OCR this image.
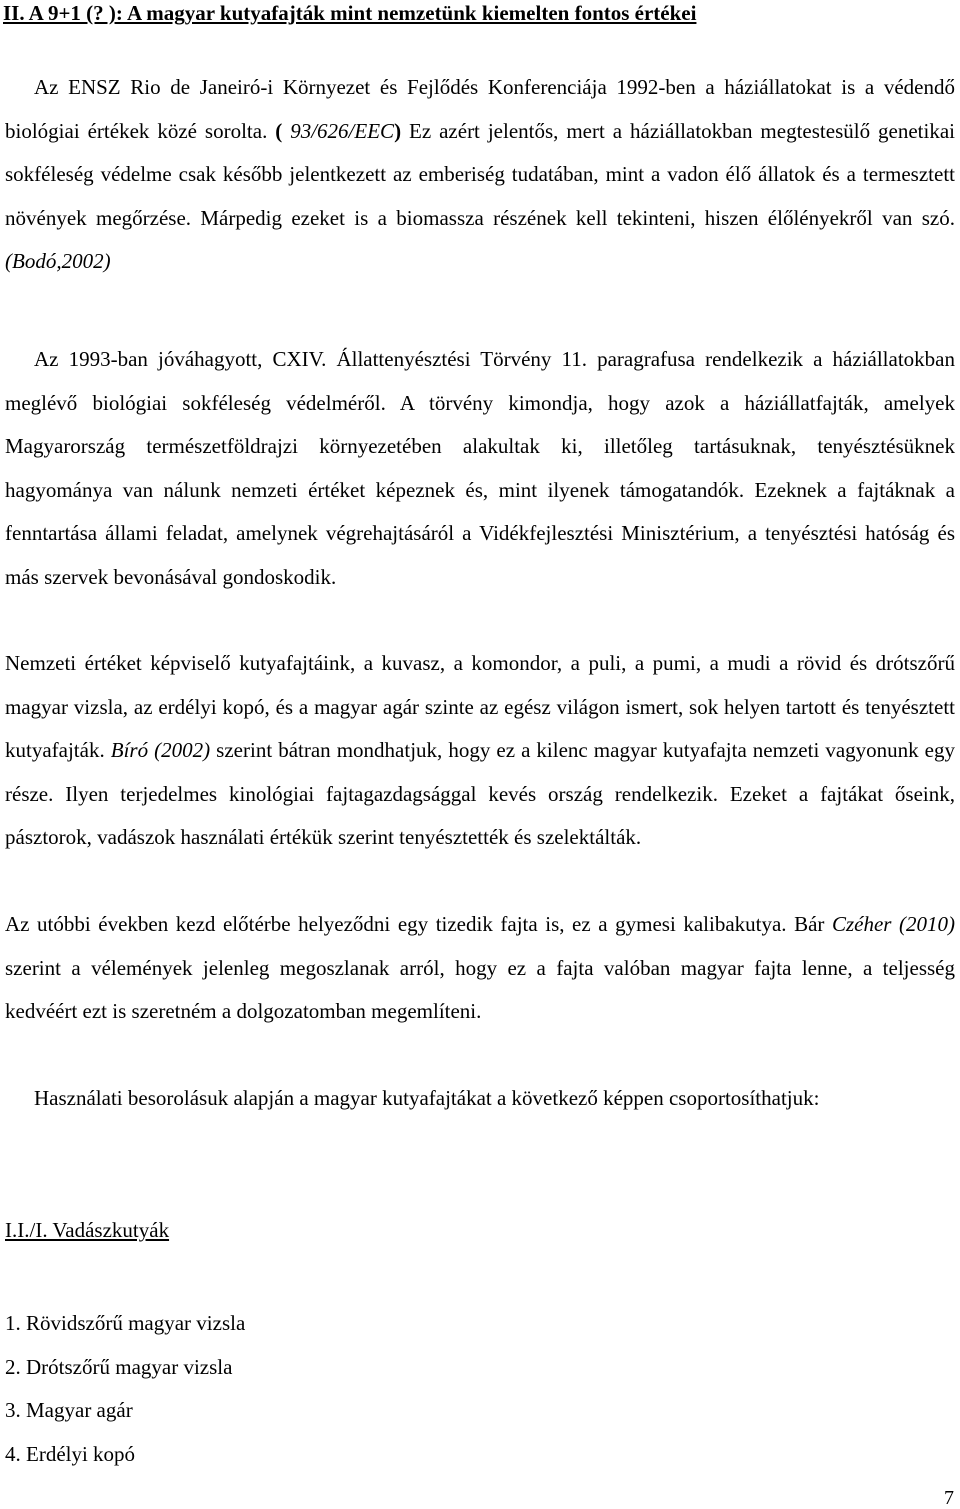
II. A 9+1 (? ): A magyar kutyafajták mint nemzetünk kiemelten fontos értékei

Az ENSZ Rio de Janeiró-i Környezet és Fejlődés Konferenciája 1992-ben a háziállatokat is a védendő biológiai értékek közé sorolta. ( 93/626/EEC) Ez azért jelentős, mert a háziállatokban megtestesülő genetikai sokféleség védelme csak később jelentkezett az emberiség tudatában, mint a vadon élő állatok és a termesztett növények megőrzése. Márpedig ezeket is a biomassza részének kell tekinteni, hiszen élőlényekről van szó. (Bodó,2002)

Az 1993-ban jóváhagyott, CXIV. Állattenyésztési Törvény 11. paragrafusa rendelkezik a háziállatokban meglévő biológiai sokféleség védelméről. A törvény kimondja, hogy azok a háziállatfajták, amelyek Magyarország természetföldrajzi környezetében alakultak ki, illetőleg tartásuknak, tenyésztésüknek hagyománya van nálunk nemzeti értéket képeznek és, mint ilyenek támogatandók. Ezeknek a fajtáknak a fenntartása állami feladat, amelynek végrehajtásáról a Vidékfejlesztési Minisztérium, a tenyésztési hatóság és más szervek bevonásával gondoskodik.

Nemzeti értéket képviselő kutyafajtáink, a kuvasz, a komondor, a puli, a pumi, a mudi a rövid és drótszőrű magyar vizsla, az erdélyi kopó, és a magyar agár szinte az egész világon ismert, sok helyen tartott és tenyésztett kutyafajták. Bíró (2002) szerint bátran mondhatjuk, hogy ez a kilenc magyar kutyafajta nemzeti vagyonunk egy része. Ilyen terjedelmes kinológiai fajtagazdagsággal kevés ország rendelkezik. Ezeket a fajtákat őseink, pásztorok, vadászok használati értékük szerint tenyésztették és szelektálták.

Az utóbbi években kezd előtérbe helyeződni egy tizedik fajta is, ez a gymesi kalibakutya. Bár Czéher (2010) szerint a vélemények jelenleg megoszlanak arról, hogy ez a fajta valóban magyar fajta lenne, a teljesség kedvéért ezt is szeretném a dolgozatomban megemlíteni.

Használati besorolásuk alapján a magyar kutyafajtákat a következő képpen csoportosíthatjuk:

I.I./I. Vadászkutyák

1. Rövidszőrű magyar vizsla
2. Drótszőrű magyar vizsla
3. Magyar agár
4. Erdélyi kopó
7
